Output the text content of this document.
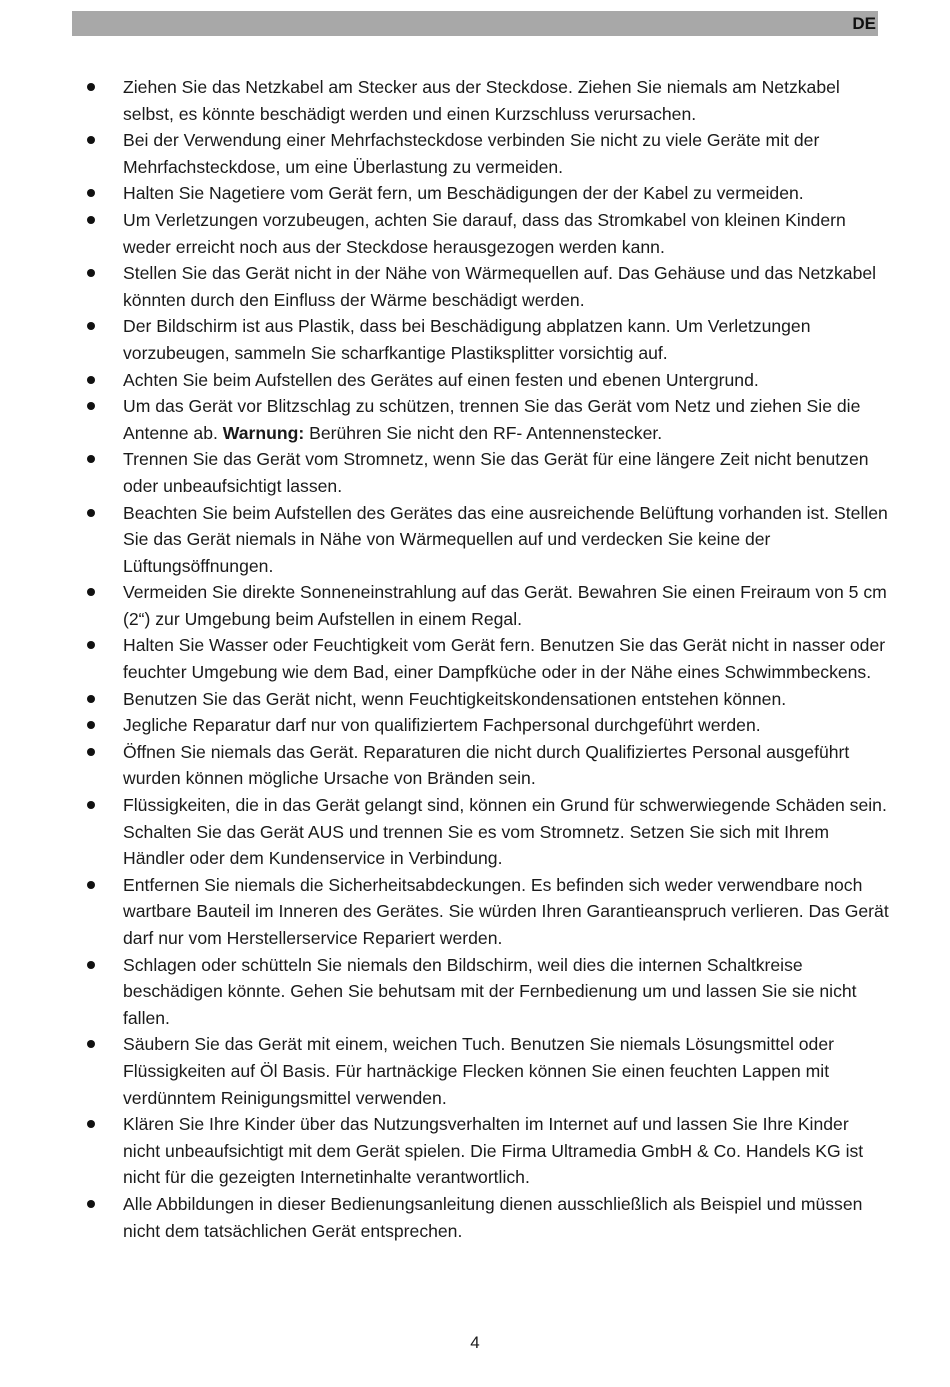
DE
Ziehen Sie das Netzkabel am Stecker aus der Steckdose. Ziehen Sie niemals am Netzkabel selbst, es könnte beschädigt werden und einen Kurzschluss verursachen.
Bei der Verwendung einer Mehrfachsteckdose verbinden Sie nicht zu viele Geräte mit der Mehrfachsteckdose, um eine Überlastung zu vermeiden.
Halten Sie Nagetiere vom Gerät fern, um Beschädigungen der der Kabel zu vermeiden.
Um Verletzungen vorzubeugen, achten Sie darauf, dass das Stromkabel von kleinen Kindern weder erreicht noch aus der Steckdose herausgezogen werden kann.
Stellen Sie das Gerät nicht in der Nähe von Wärmequellen auf. Das Gehäuse und das Netzkabel könnten durch den Einfluss der Wärme beschädigt werden.
Der Bildschirm ist aus Plastik, dass bei Beschädigung abplatzen kann. Um Verletzungen vorzubeugen, sammeln Sie scharfkantige Plastiksplitter vorsichtig auf.
Achten Sie beim Aufstellen des Gerätes auf einen festen und ebenen Untergrund.
Um das Gerät vor Blitzschlag zu schützen, trennen Sie das Gerät vom Netz und ziehen Sie die Antenne ab. Warnung: Berühren Sie nicht den RF- Antennenstecker.
Trennen Sie das Gerät vom Stromnetz, wenn Sie das Gerät für eine längere Zeit nicht benutzen oder unbeaufsichtigt lassen.
Beachten Sie beim Aufstellen des Gerätes das eine ausreichende Belüftung vorhanden ist. Stellen Sie das Gerät niemals in Nähe von Wärmequellen auf und verdecken Sie keine der Lüftungsöffnungen.
Vermeiden Sie direkte Sonneneinstrahlung auf das Gerät. Bewahren Sie einen Freiraum von 5 cm (2“) zur Umgebung beim Aufstellen in einem Regal.
Halten Sie Wasser oder Feuchtigkeit vom Gerät fern. Benutzen Sie das Gerät nicht in nasser oder feuchter Umgebung wie dem Bad, einer Dampfküche oder in der Nähe eines Schwimmbeckens.
Benutzen Sie das Gerät nicht, wenn Feuchtigkeitskondensationen entstehen können.
Jegliche Reparatur darf nur von qualifiziertem Fachpersonal durchgeführt werden.
Öffnen Sie niemals das Gerät. Reparaturen die nicht durch Qualifiziertes Personal ausgeführt wurden können mögliche Ursache von Bränden sein.
Flüssigkeiten, die in das Gerät gelangt sind, können ein Grund für schwerwiegende Schäden sein. Schalten Sie das Gerät AUS und trennen Sie es vom Stromnetz. Setzen Sie sich mit Ihrem Händler oder dem Kundenservice in Verbindung.
Entfernen Sie niemals die Sicherheitsabdeckungen. Es befinden sich weder verwendbare noch wartbare Bauteil im Inneren des Gerätes. Sie würden Ihren Garantieanspruch verlieren. Das Gerät darf nur vom Herstellerservice Repariert werden.
Schlagen oder schütteln Sie niemals den Bildschirm, weil dies die internen Schaltkreise beschädigen könnte. Gehen Sie behutsam mit der Fernbedienung um und lassen Sie sie nicht fallen.
Säubern Sie das Gerät mit einem, weichen Tuch. Benutzen Sie niemals Lösungsmittel oder Flüssigkeiten auf Öl Basis. Für hartnäckige Flecken können Sie einen feuchten Lappen mit verdünntem Reinigungsmittel verwenden.
Klären Sie Ihre Kinder über das Nutzungsverhalten im Internet auf und lassen Sie Ihre Kinder nicht unbeaufsichtigt mit dem Gerät spielen. Die Firma Ultramedia GmbH & Co. Handels KG ist nicht für die gezeigten Internetinhalte verantwortlich.
Alle Abbildungen in dieser Bedienungsanleitung dienen ausschließlich als Beispiel und müssen nicht dem tatsächlichen Gerät entsprechen.
4
